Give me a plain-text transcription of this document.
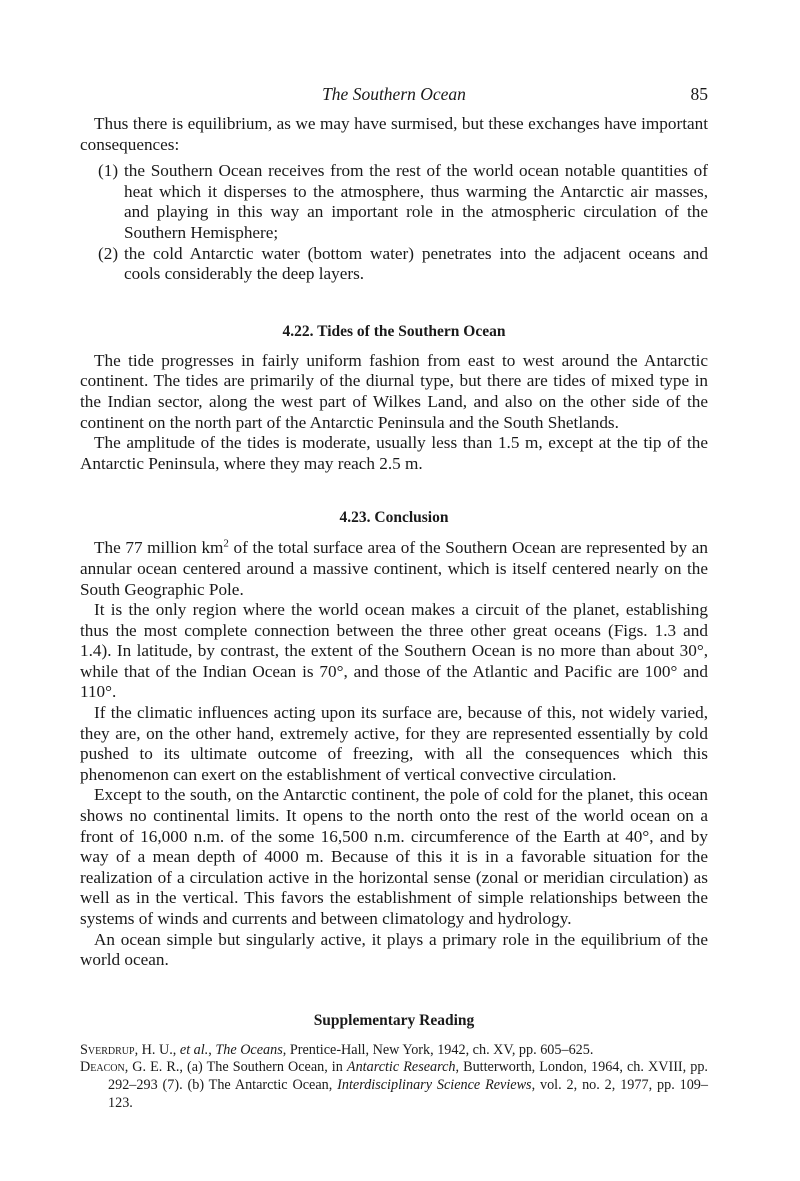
The Southern Ocean	85

Thus there is equilibrium, as we may have surmised, but these exchanges have important consequences:

(1) the Southern Ocean receives from the rest of the world ocean notable quantities of heat which it disperses to the atmosphere, thus warming the Antarctic air masses, and playing in this way an important role in the atmospheric circulation of the Southern Hemisphere;
(2) the cold Antarctic water (bottom water) penetrates into the adjacent oceans and cools considerably the deep layers.
4.22. Tides of the Southern Ocean

The tide progresses in fairly uniform fashion from east to west around the Antarctic continent. The tides are primarily of the diurnal type, but there are tides of mixed type in the Indian sector, along the west part of Wilkes Land, and also on the other side of the continent on the north part of the Antarctic Peninsula and the South Shetlands.

The amplitude of the tides is moderate, usually less than 1.5 m, except at the tip of the Antarctic Peninsula, where they may reach 2.5 m.

4.23. Conclusion

The 77 million $km^2$ of the total surface area of the Southern Ocean are represented by an annular ocean centered around a massive continent, which is itself centered nearly on the South Geographic Pole.

It is the only region where the world ocean makes a circuit of the planet, establishing thus the most complete connection between the three other great oceans (Figs. 1.3 and 1.4). In latitude, by contrast, the extent of the Southern Ocean is no more than about 30°, while that of the Indian Ocean is 70°, and those of the Atlantic and Pacific are 100° and 110°.

If the climatic influences acting upon its surface are, because of this, not widely varied, they are, on the other hand, extremely active, for they are represented essentially by cold pushed to its ultimate outcome of freezing, with all the consequences which this phenomenon can exert on the establishment of vertical convective circulation.

Except to the south, on the Antarctic continent, the pole of cold for the planet, this ocean shows no continental limits. It opens to the north onto the rest of the world ocean on a front of 16,000 n.m. of the some 16,500 n.m. circumference of the Earth at 40°, and by way of a mean depth of 4000 m. Because of this it is in a favorable situation for the realization of a circulation active in the horizontal sense (zonal or meridian circulation) as well as in the vertical. This favors the establishment of simple relationships between the systems of winds and currents and between climatology and hydrology.

An ocean simple but singularly active, it plays a primary role in the equilibrium of the world ocean.

Supplementary Reading
Sverdrup, H. U., et al., The Oceans, Prentice-Hall, New York, 1942, ch. XV, pp. 605–625.
Deacon, G. E. R., (a) The Southern Ocean, in Antarctic Research, Butterworth, London, 1964, ch. XVIII, pp. 292–293 (7). (b) The Antarctic Ocean, Interdisciplinary Science Reviews, vol. 2, no. 2, 1977, pp. 109–123.
